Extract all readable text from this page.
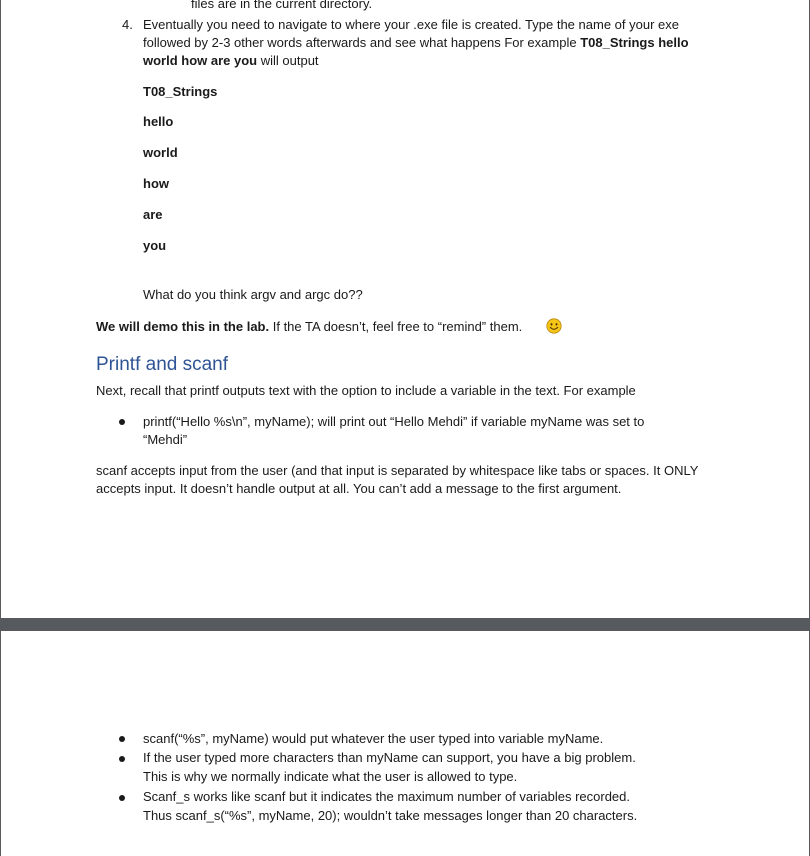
files are in the current directory.
4. Eventually you need to navigate to where your .exe file is created. Type the name of your exe
followed by 2-3 other words afterwards and see what happens For example T08_Strings hello
world how are you will output
T08_Strings
hello
world
how
are
you
What do you think argv and argc do??
We will demo this in the lab. If the TA doesn’t, feel free to “remind” them.
Printf and scanf
Next, recall that printf outputs text with the option to include a variable in the text. For example
printf(“Hello %s\n”, myName); will print out “Hello Mehdi” if variable myName was set to
“Mehdi”
scanf accepts input from the user (and that input is separated by whitespace like tabs or spaces. It ONLY
accepts input. It doesn’t handle output at all. You can’t add a message to the first argument.
scanf(“%s”, myName) would put whatever the user typed into variable myName.
If the user typed more characters than myName can support, you have a big problem.
This is why we normally indicate what the user is allowed to type.
Scanf_s works like scanf but it indicates the maximum number of variables recorded.
Thus scanf_s(“%s”, myName, 20); wouldn’t take messages longer than 20 characters.
